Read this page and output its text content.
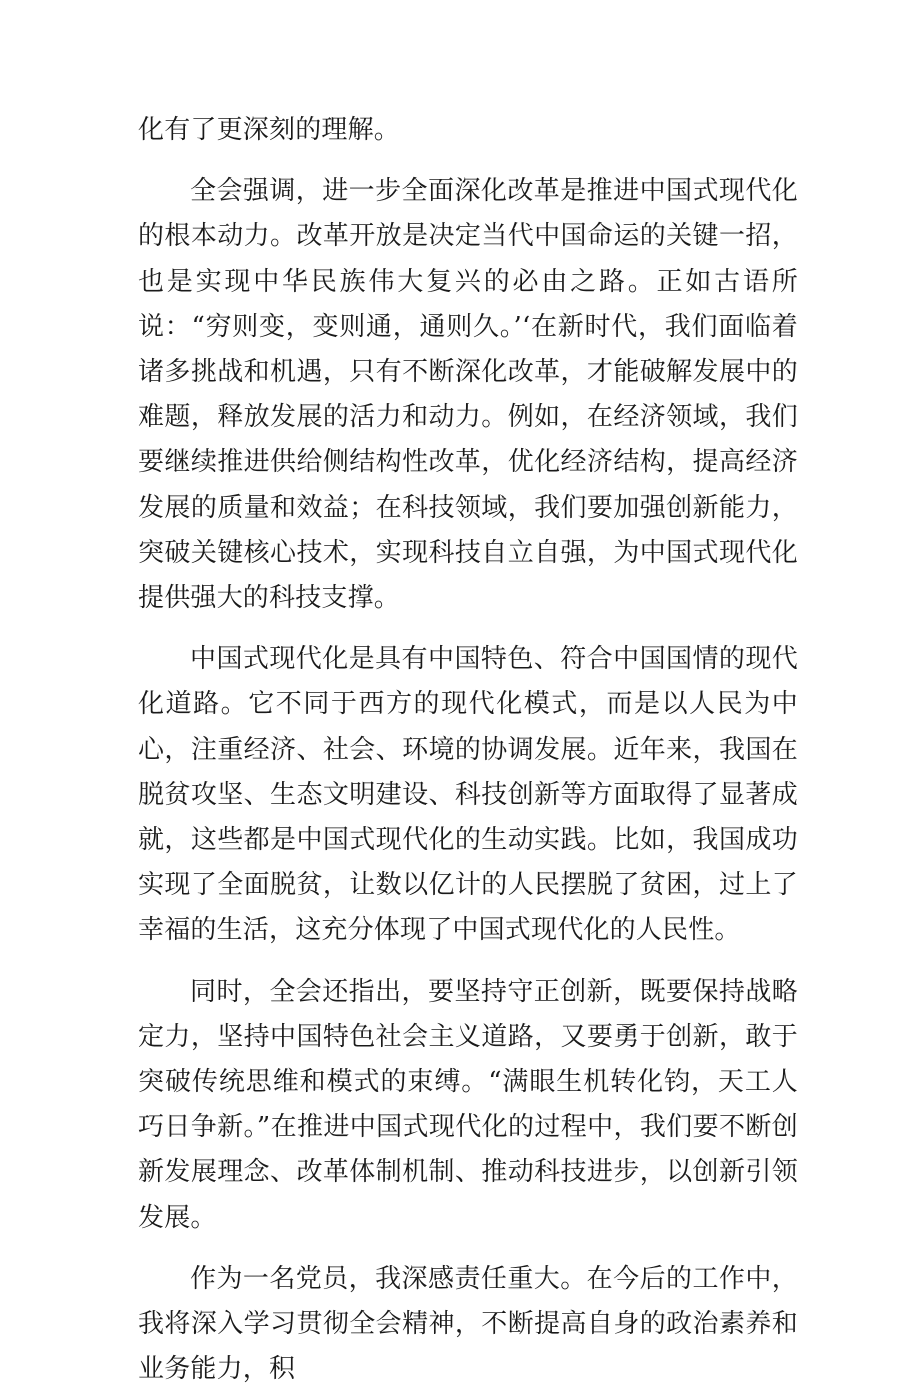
化有了更深刻的理解。

全会强调，进一步全面深化改革是推进中国式现代化的根本动力。改革开放是决定当代中国命运的关键一招，也是实现中华民族伟大复兴的必由之路。正如古语所说：“穷则变，变则通，通则久。’‘在新时代，我们面临着诸多挑战和机遇，只有不断深化改革，才能破解发展中的难题，释放发展的活力和动力。例如，在经济领域，我们要继续推进供给侧结构性改革，优化经济结构，提高经济发展的质量和效益；在科技领域，我们要加强创新能力，突破关键核心技术，实现科技自立自强，为中国式现代化提供强大的科技支撑。

中国式现代化是具有中国特色、符合中国国情的现代化道路。它不同于西方的现代化模式，而是以人民为中心，注重经济、社会、环境的协调发展。近年来，我国在脱贫攻坚、生态文明建设、科技创新等方面取得了显著成就，这些都是中国式现代化的生动实践。比如，我国成功实现了全面脱贫，让数以亿计的人民摆脱了贫困，过上了幸福的生活，这充分体现了中国式现代化的人民性。

同时，全会还指出，要坚持守正创新，既要保持战略定力，坚持中国特色社会主义道路，又要勇于创新，敢于突破传统思维和模式的束缚。“满眼生机转化钧，天工人巧日争新。”在推进中国式现代化的过程中，我们要不断创新发展理念、改革体制机制、推动科技进步，以创新引领发展。

作为一名党员，我深感责任重大。在今后的工作中，我将深入学习贯彻全会精神，不断提高自身的政治素养和业务能力，积
